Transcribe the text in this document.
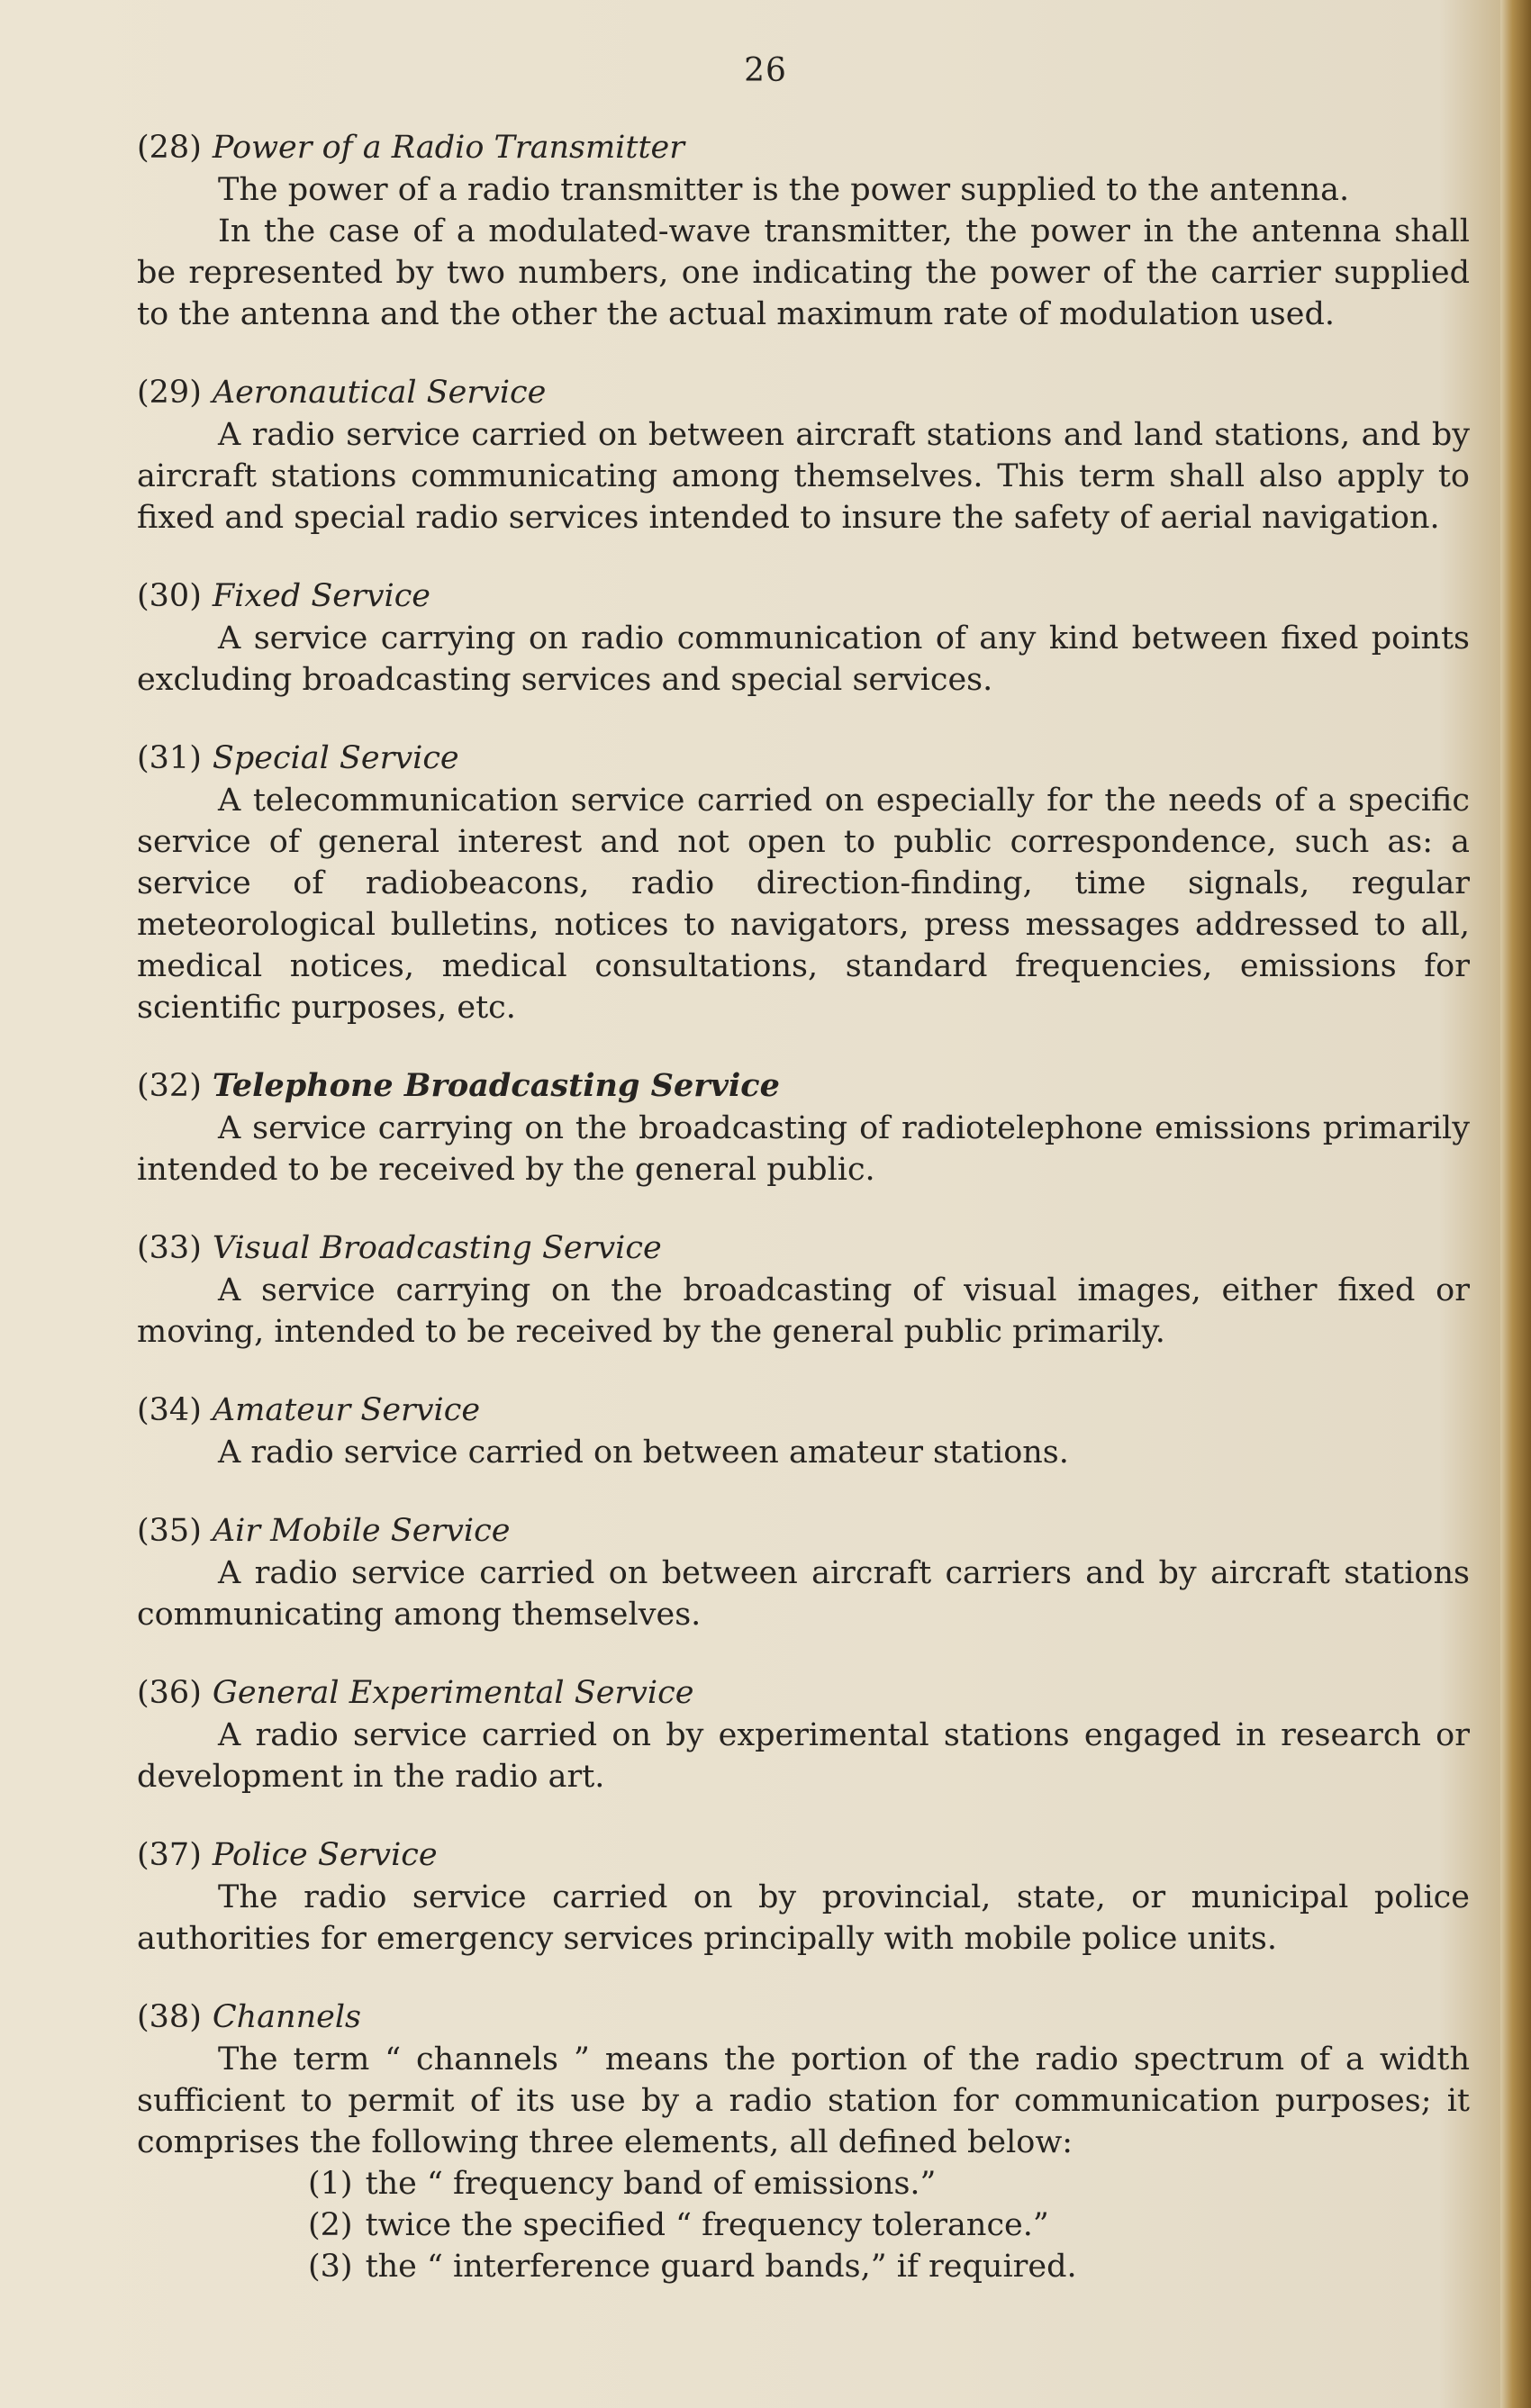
26

(28) Power of a Radio Transmitter

The power of a radio transmitter is the power supplied to the antenna.

In the case of a modulated-wave transmitter, the power in the antenna shall be represented by two numbers, one indicating the power of the carrier supplied to the antenna and the other the actual maximum rate of modulation used.

(29) Aeronautical Service

A radio service carried on between aircraft stations and land stations, and by aircraft stations communicating among themselves. This term shall also apply to fixed and special radio services intended to insure the safety of aerial navigation.

(30) Fixed Service

A service carrying on radio communication of any kind between fixed points excluding broadcasting services and special services.

(31) Special Service

A telecommunication service carried on especially for the needs of a specific service of general interest and not open to public correspondence, such as: a service of radiobeacons, radio direction-finding, time signals, regular meteorological bulletins, notices to navigators, press messages addressed to all, medical notices, medical consultations, standard frequencies, emissions for scientific purposes, etc.

(32) Telephone Broadcasting Service

A service carrying on the broadcasting of radiotelephone emissions primarily intended to be received by the general public.

(33) Visual Broadcasting Service

A service carrying on the broadcasting of visual images, either fixed or moving, intended to be received by the general public primarily.

(34) Amateur Service

A radio service carried on between amateur stations.

(35) Air Mobile Service

A radio service carried on between aircraft carriers and by aircraft stations communicating among themselves.

(36) General Experimental Service

A radio service carried on by experimental stations engaged in research or development in the radio art.

(37) Police Service

The radio service carried on by provincial, state, or municipal police authorities for emergency services principally with mobile police units.

(38) Channels

The term “ channels ” means the portion of the radio spectrum of a width sufficient to permit of its use by a radio station for communication purposes; it comprises the following three elements, all defined below:

(1) the “ frequency band of emissions.”
(2) twice the specified “ frequency tolerance.”
(3) the “ interference guard bands,” if required.
